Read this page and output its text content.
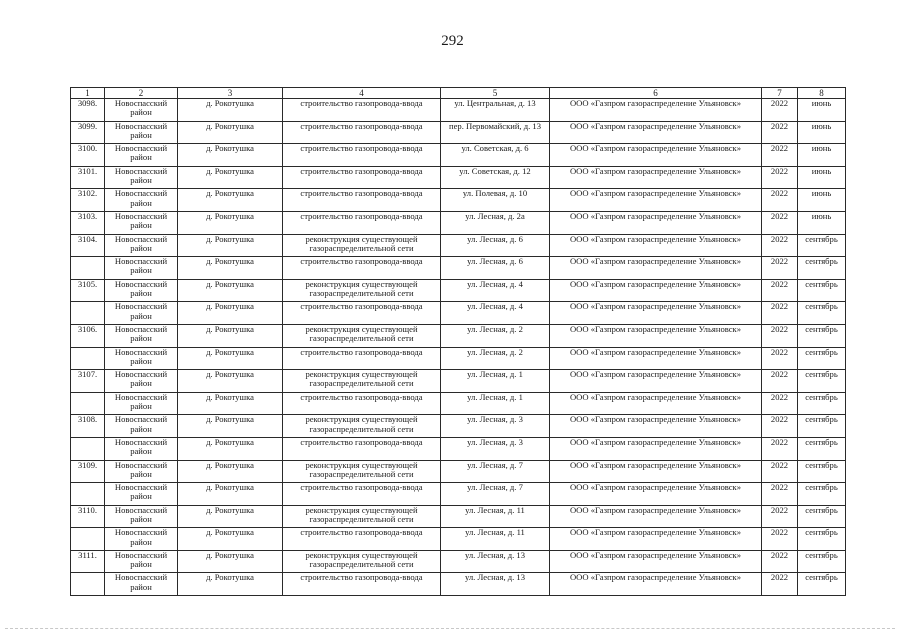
292
1	2	3	4	5	6	7	8
3098.	Новоспасский район	д. Рокотушка	строительство газопровода-ввода	ул. Центральная, д. 13	ООО «Газпром газораспределение Ульяновск»	2022	июнь
3099.	Новоспасский район	д. Рокотушка	строительство газопровода-ввода	пер. Первомайский, д. 13	ООО «Газпром газораспределение Ульяновск»	2022	июнь
3100.	Новоспасский район	д. Рокотушка	строительство газопровода-ввода	ул. Советская, д. 6	ООО «Газпром газораспределение Ульяновск»	2022	июнь
3101.	Новоспасский район	д. Рокотушка	строительство газопровода-ввода	ул. Советская, д. 12	ООО «Газпром газораспределение Ульяновск»	2022	июнь
3102.	Новоспасский район	д. Рокотушка	строительство газопровода-ввода	ул. Полевая, д. 10	ООО «Газпром газораспределение Ульяновск»	2022	июнь
3103.	Новоспасский район	д. Рокотушка	строительство газопровода-ввода	ул. Лесная, д. 2а	ООО «Газпром газораспределение Ульяновск»	2022	июнь
3104.	Новоспасский район	д. Рокотушка	реконструкция существующей газораспределительной сети	ул. Лесная, д. 6	ООО «Газпром газораспределение Ульяновск»	2022	сентябрь
	Новоспасский район	д. Рокотушка	строительство газопровода-ввода	ул. Лесная, д. 6	ООО «Газпром газораспределение Ульяновск»	2022	сентябрь
3105.	Новоспасский район	д. Рокотушка	реконструкция существующей газораспределительной сети	ул. Лесная, д. 4	ООО «Газпром газораспределение Ульяновск»	2022	сентябрь
	Новоспасский район	д. Рокотушка	строительство газопровода-ввода	ул. Лесная, д. 4	ООО «Газпром газораспределение Ульяновск»	2022	сентябрь
3106.	Новоспасский район	д. Рокотушка	реконструкция существующей газораспределительной сети	ул. Лесная, д. 2	ООО «Газпром газораспределение Ульяновск»	2022	сентябрь
	Новоспасский район	д. Рокотушка	строительство газопровода-ввода	ул. Лесная, д. 2	ООО «Газпром газораспределение Ульяновск»	2022	сентябрь
3107.	Новоспасский район	д. Рокотушка	реконструкция существующей газораспределительной сети	ул. Лесная, д. 1	ООО «Газпром газораспределение Ульяновск»	2022	сентябрь
	Новоспасский район	д. Рокотушка	строительство газопровода-ввода	ул. Лесная, д. 1	ООО «Газпром газораспределение Ульяновск»	2022	сентябрь
3108.	Новоспасский район	д. Рокотушка	реконструкция существующей газораспределительной сети	ул. Лесная, д. 3	ООО «Газпром газораспределение Ульяновск»	2022	сентябрь
	Новоспасский район	д. Рокотушка	строительство газопровода-ввода	ул. Лесная, д. 3	ООО «Газпром газораспределение Ульяновск»	2022	сентябрь
3109.	Новоспасский район	д. Рокотушка	реконструкция существующей газораспределительной сети	ул. Лесная, д. 7	ООО «Газпром газораспределение Ульяновск»	2022	сентябрь
	Новоспасский район	д. Рокотушка	строительство газопровода-ввода	ул. Лесная, д. 7	ООО «Газпром газораспределение Ульяновск»	2022	сентябрь
3110.	Новоспасский район	д. Рокотушка	реконструкция существующей газораспределительной сети	ул. Лесная, д. 11	ООО «Газпром газораспределение Ульяновск»	2022	сентябрь
	Новоспасский район	д. Рокотушка	строительство газопровода-ввода	ул. Лесная, д. 11	ООО «Газпром газораспределение Ульяновск»	2022	сентябрь
3111.	Новоспасский район	д. Рокотушка	реконструкция существующей газораспределительной сети	ул. Лесная, д. 13	ООО «Газпром газораспределение Ульяновск»	2022	сентябрь
	Новоспасский район	д. Рокотушка	строительство газопровода-ввода	ул. Лесная, д. 13	ООО «Газпром газораспределение Ульяновск»	2022	сентябрь
